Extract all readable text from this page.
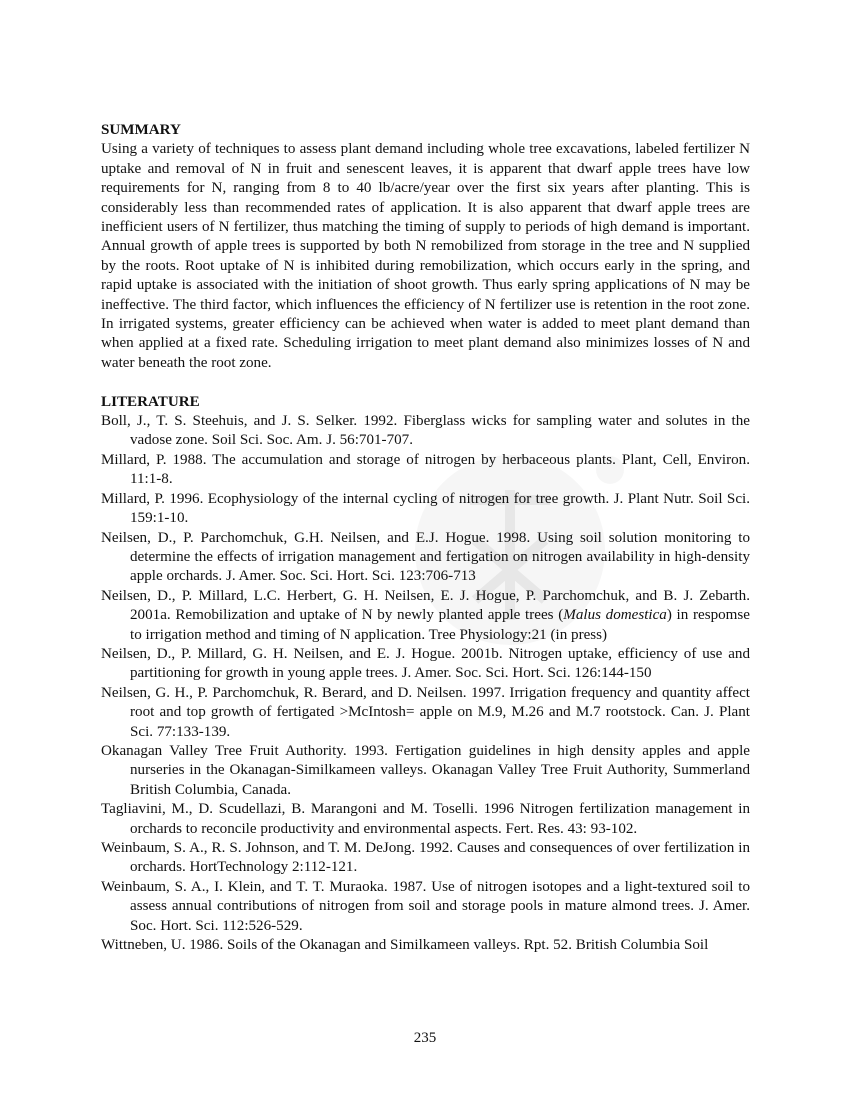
SUMMARY

Using a variety of techniques to assess plant demand including whole tree excavations, labeled fertilizer N uptake and removal of N in fruit and senescent leaves, it is apparent that dwarf apple trees have low requirements for N, ranging from 8 to 40 lb/acre/year over the first six years after planting. This is considerably less than recommended rates of application. It is also apparent that dwarf apple trees are inefficient users of N fertilizer, thus matching the timing of supply to periods of high demand is important. Annual growth of apple trees is supported by both N remobilized from storage in the tree and N supplied by the roots. Root uptake of N is inhibited during remobilization, which occurs early in the spring, and rapid uptake is associated with the initiation of shoot growth. Thus early spring applications of N may be ineffective. The third factor, which influences the efficiency of N fertilizer use is retention in the root zone. In irrigated systems, greater efficiency can be achieved when water is added to meet plant demand than when applied at a fixed rate. Scheduling irrigation to meet plant demand also minimizes losses of N and water beneath the root zone.

LITERATURE
Boll, J., T. S. Steehuis, and J. S. Selker. 1992. Fiberglass wicks for sampling water and solutes in the vadose zone. Soil Sci. Soc. Am. J. 56:701-707.
Millard, P. 1988. The accumulation and storage of nitrogen by herbaceous plants. Plant, Cell, Environ. 11:1-8.
Millard, P. 1996. Ecophysiology of the internal cycling of nitrogen for tree growth. J. Plant Nutr. Soil Sci. 159:1-10.
Neilsen, D., P. Parchomchuk, G.H. Neilsen, and E.J. Hogue. 1998. Using soil solution monitoring to determine the effects of irrigation management and fertigation on nitrogen availability in high-density apple orchards. J. Amer. Soc. Sci. Hort. Sci. 123:706-713
Neilsen, D., P. Millard, L.C. Herbert, G. H. Neilsen, E. J. Hogue, P. Parchomchuk, and B. J. Zebarth. 2001a. Remobilization and uptake of N by newly planted apple trees (Malus domestica) in respomse to irrigation method and timing of N application. Tree Physiology:21 (in press)
Neilsen, D., P. Millard, G. H. Neilsen, and E. J. Hogue. 2001b. Nitrogen uptake, efficiency of use and partitioning for growth in young apple trees. J. Amer. Soc. Sci. Hort. Sci. 126:144-150
Neilsen, G. H., P. Parchomchuk, R. Berard, and D. Neilsen. 1997. Irrigation frequency and quantity affect root and top growth of fertigated >McIntosh= apple on M.9, M.26 and M.7 rootstock. Can. J. Plant Sci. 77:133-139.
Okanagan Valley Tree Fruit Authority. 1993. Fertigation guidelines in high density apples and apple nurseries in the Okanagan-Similkameen valleys. Okanagan Valley Tree Fruit Authority, Summerland British Columbia, Canada.
Tagliavini, M., D. Scudellazi, B. Marangoni and M. Toselli. 1996 Nitrogen fertilization management in orchards to reconcile productivity and environmental aspects. Fert. Res. 43: 93-102.
Weinbaum, S. A., R. S. Johnson, and T. M. DeJong. 1992. Causes and consequences of over fertilization in orchards. HortTechnology 2:112-121.
Weinbaum, S. A., I. Klein, and T. T. Muraoka. 1987. Use of nitrogen isotopes and a light-textured soil to assess annual contributions of nitrogen from soil and storage pools in mature almond trees. J. Amer. Soc. Hort. Sci. 112:526-529.
Wittneben, U. 1986. Soils of the Okanagan and Similkameen valleys. Rpt. 52. British Columbia Soil
235
